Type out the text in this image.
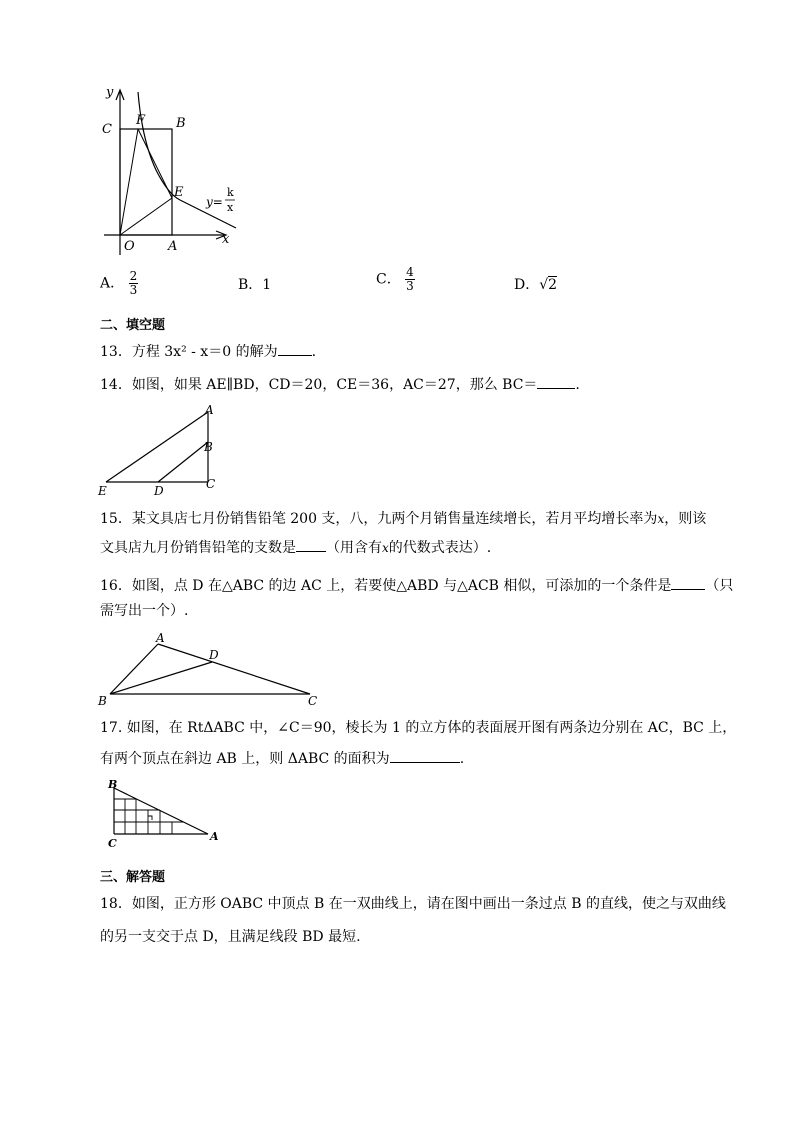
y
C
F B
E
O	A	x
y=
k
x
A． $\frac{2}{3}$	B．1	C． $\frac{4}{3}$	D．√2
二、填空题
13．方程 3x² - x＝0 的解为 .
14．如图，如果 AE∥BD，CD＝20，CE＝36，AC＝27，那么 BC＝	.
A
B
C
D
E
15．某文具店七月份销售铅笔 200 支，八，九两个月销售量连续增长，若月平均增长率为x，则该
文具店九月份销售铅笔的支数是 （用含有x的代数式表达）.
16．如图，点 D 在△ABC 的边 AC 上，若要使△ABD 与△ACB 相似，可添加的一个条件是 （只
需写出一个）.
A
D
B	C
17. 如图，在 RtΔABC 中，∠C＝90，棱长为 1 的立方体的表面展开图有两条边分别在 AC，BC 上，
有两个顶点在斜边 AB 上，则 ΔABC 的面积为	.
B
C
A
三、解答题
18．如图，正方形 OABC 中顶点 B 在一双曲线上，请在图中画出一条过点 B 的直线，使之与双曲线
的另一支交于点 D，且满足线段 BD 最短.
